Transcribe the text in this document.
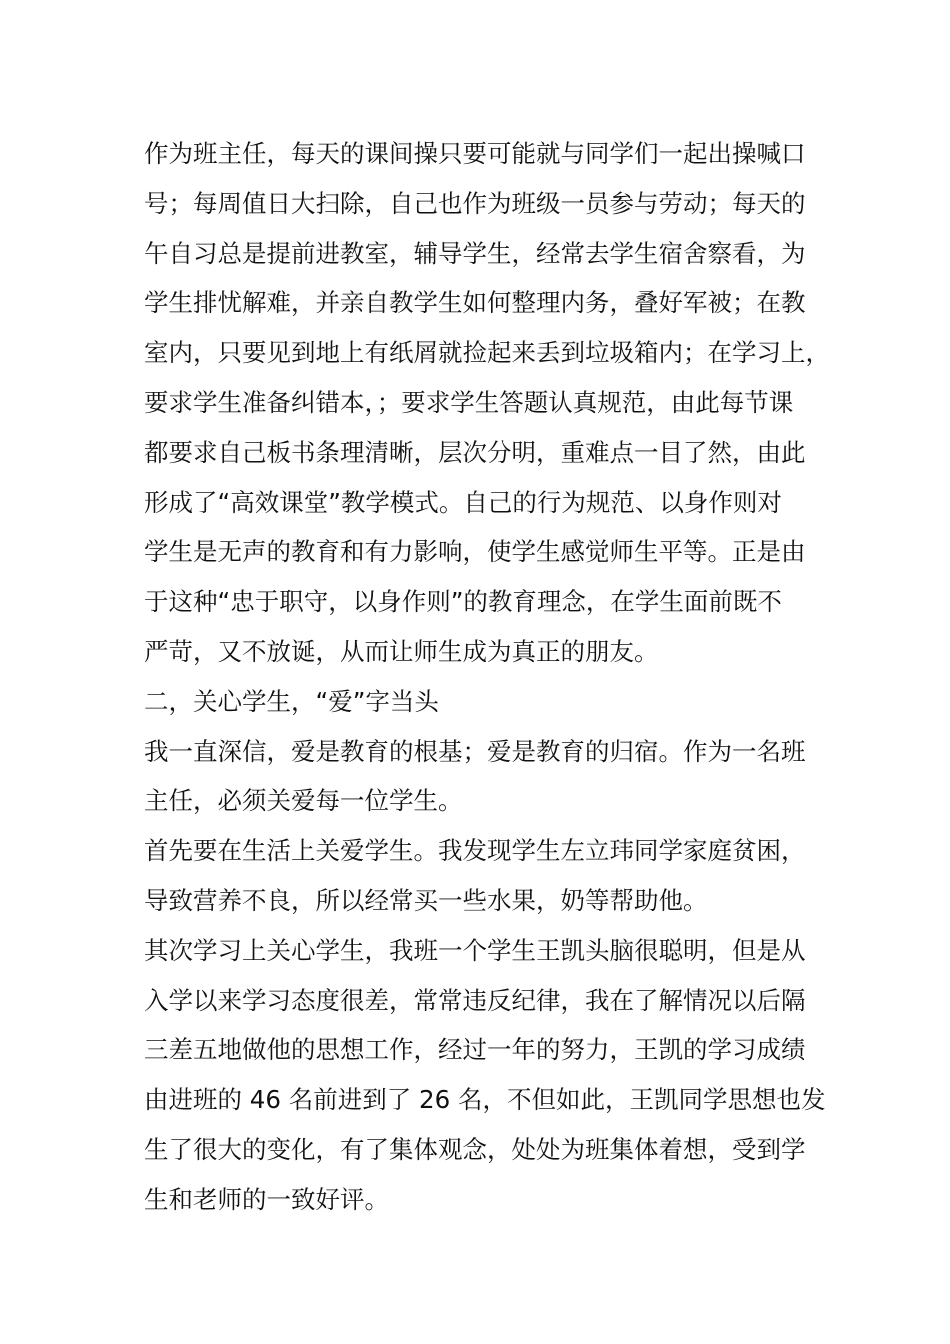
作为班主任，每天的课间操只要可能就与同学们一起出操喊口
号；每周值日大扫除，自己也作为班级一员参与劳动；每天的
午自习总是提前进教室，辅导学生，经常去学生宿舍察看，为
学生排忧解难，并亲自教学生如何整理内务，叠好军被；在教
室内，只要见到地上有纸屑就捡起来丢到垃圾箱内；在学习上，
要求学生准备纠错本，；要求学生答题认真规范，由此每节课
都要求自己板书条理清晰，层次分明，重难点一目了然，由此
形成了“高效课堂”教学模式。自己的行为规范、以身作则对
学生是无声的教育和有力影响，使学生感觉师生平等。正是由
于这种“忠于职守，以身作则”的教育理念，在学生面前既不
严苛，又不放诞，从而让师生成为真正的朋友。
二，关心学生，“爱”字当头
我一直深信，爱是教育的根基；爱是教育的归宿。作为一名班
主任，必须关爱每一位学生。
首先要在生活上关爱学生。我发现学生左立玮同学家庭贫困，
导致营养不良，所以经常买一些水果，奶等帮助他。
其次学习上关心学生，我班一个学生王凯头脑很聪明，但是从
入学以来学习态度很差，常常违反纪律，我在了解情况以后隔
三差五地做他的思想工作，经过一年的努力，王凯的学习成绩
由进班的 46 名前进到了 26 名，不但如此，王凯同学思想也发
生了很大的变化，有了集体观念，处处为班集体着想，受到学
生和老师的一致好评。
